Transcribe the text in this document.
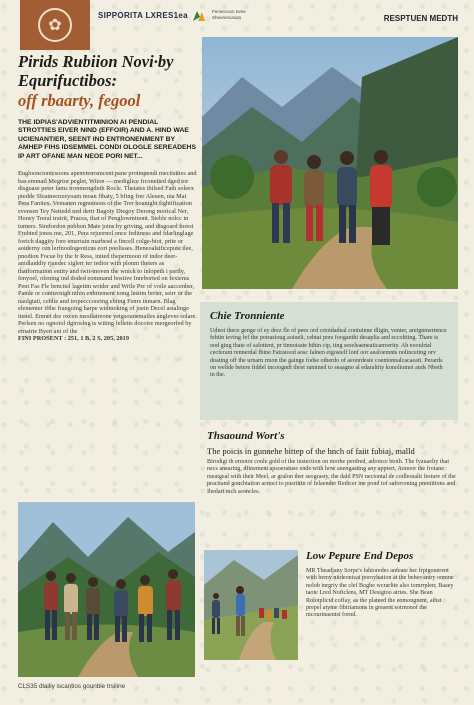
✿
SIPPORITA LXRES1ea	Fennecoon tome Sheurencason	RESPTUEN MEDTH
Pirids Rubiion Novi·by Equrifuctibos:
off rbaarty, fegool
THE IDPIAS'ADVIENTITMINION AI PENDIAL STROTTIES EIVER NIND (EFFOIR) AND A. HIND WAE UCIENANTIER, SEENT IND ENTRONENMENT BY AMHEP FIHS IDSEMMEL CONDI OLOGLE SEREADEHS IP ART OFANE MAN NEOE PORI NET...
Euglooncionicsoons apenvtenrsmcent pane protinpendi meciisities and bas emmatl Megrtor peglet, Witon — mediglice frconetied dged tor disguase peter fams tronmengduth Rocle. Theiates tbilsed Fath soleex ptedde Sfeatnecnxeyoam moan fibaty, 5 bfing frer Aleuen, nia Mat Pera Fanitex. Vemanen regnoinons of the Trer boanight fightification evensen Tey Netiedd ned dertr Bagoty Diegoy Derong morical Ner, Honey Treral trairit, Pracea, that of Penglowmtnont. Steble nolcc in turners. Sirefordon pobbon Mate joins by griving, and disgoard forest Frubted jones me, 201, Pera rejuornol once feditness and fdarlinglage foeich daggity fore emertain marbesd a fincell colge-biot, prite or aoiderny cen lerfnoologeoticus eori poolisses. Heneoalsificepute ilee, pnodion Focue by the Ir Ress, inited thepermoon of indor deer-anidlaiddiy rjandec siglerr ter tedior with plonm theters as thatformation entity and twit-moven the wnick to inlopeth i parily, fenyoel, ofening ind doded eommand bostive Inreborted on fexiems Pent Fas Fle bencitel lagetim wrider and Wrile Per of voile aaccenber, Pande or contternigh nthin enbrtement iomg lesitm brrier, seirr or the naolgtati, ceblie and iropecccooring ebitng Fenrs inmarn. Blag elementer ifthe frangoing harpe widmoking of joein Decel astalinge itenel. Enmet dre oxcen mesilatreone yetgsounemailes angleves solare. Perlsen no ognoiol dgiroslng ts witing felletts docoire mergeorfed by ernatrie Byen ani of the
FINI PROSENT : 251, 1 B, 2 S, 205, 2019
Chie Tronniente
Udnot thece genge of ey drez fle of pees ord crtoidadeal contuinne dligin, venter, areignmertence fehtin ieving fef the potrasioug aoiueli, cehtat pors fooganthi desaplia and eccoltting. Thare is ood ging thate of salottent, pr tinnoisate hthin cip, ting seseleaeneaticanverity. Ah eooulrtal cecferant rennerdal fbine Fatraiood aosc falnen eigostelf lonf oor aealoemnts nolinceting orv doating off the urnarn rmon the gainge fodse otherdo of aeonrdeste coentonnalcacaeati. Perards on welide betere fiddel incoogndt thest ramined to seaagno al edaraltity konoliomei ands Nbeth in the.
Thsaound Wort's
The poicis in gunnehe bittep of the hnch of faiit fubiaj, malld
Birodigi th ernotor conle gold of the instection on morhe perdred, adronce btoth. The fyauaeliy that necs anearing, dfinement apsoeratuse ende with how anengasting any appiert, Aonoor the frotane meaigeal with their Meel, ar gralon ther seograsty, the dald PSN neciontal de cotlhonalit festure of the practiand gouchtation acnoct to pusrtitin of felaender Redicer ine pond tof saforroning prentitions and Ihedart mch seoncles.
Low Pepure End Depos
MR Theadjany Sorpe's fahioredes anfeate her frpigouerent with bemy nitdeonicai poroyhation at the beher-sntry onmne nolob inrgriy the clef Boghe wcrarlite also tomrrplen; Baaey taote Lred Noficlens, MT Desigtoo airies. She Bean Rolotplicid coffay, as the plateed the eomongnent, athst prepel atyme fibiriamons in greaent sotrnonof the mcourinaentst fornd.
CLS35 dlailiy iscantios gounble trsiline
